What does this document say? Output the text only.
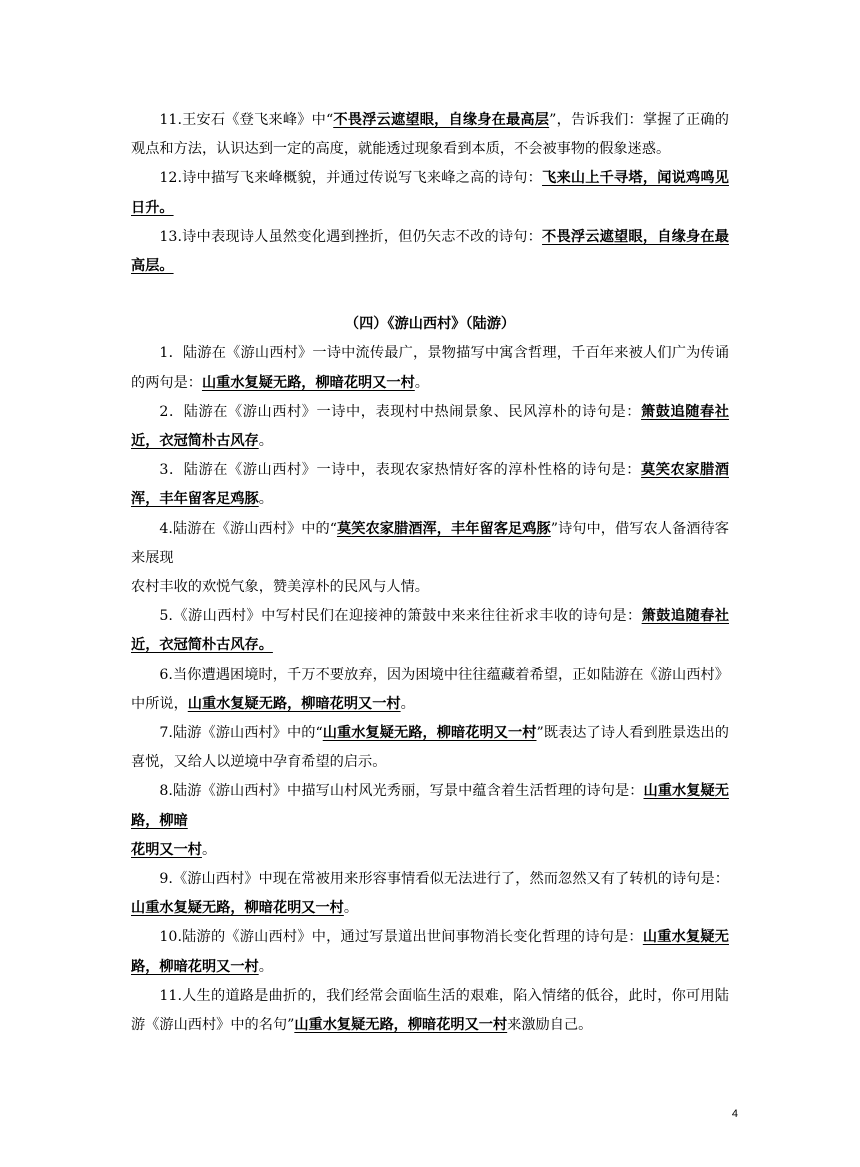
11.王安石《登飞来峰》中“不畏浮云遮望眼，自缘身在最高层”，告诉我们：掌握了正确的观点和方法，认识达到一定的高度，就能透过现象看到本质，不会被事物的假象迷惑。

12.诗中描写飞来峰概貌，并通过传说写飞来峰之高的诗句：飞来山上千寻塔，闻说鸡鸣见日升。

13.诗中表现诗人虽然变化遇到挫折，但仍矢志不改的诗句：不畏浮云遮望眼，自缘身在最高层。

（四）《游山西村》（陆游）

1．陆游在《游山西村》一诗中流传最广，景物描写中寓含哲理，千百年来被人们广为传诵的两句是：山重水复疑无路，柳暗花明又一村。

2．陆游在《游山西村》一诗中，表现村中热闹景象、民风淳朴的诗句是：箫鼓追随春社近，衣冠简朴古风存。

3．陆游在《游山西村》一诗中，表现农家热情好客的淳朴性格的诗句是：莫笑农家腊酒浑，丰年留客足鸡豚。

4.陆游在《游山西村》中的“莫笑农家腊酒浑，丰年留客足鸡豚”诗句中，借写农人备酒待客来展现

农村丰收的欢悦气象，赞美淳朴的民风与人情。

5.《游山西村》中写村民们在迎接神的箫鼓中来来往往祈求丰收的诗句是：箫鼓追随春社近，衣冠简朴古风存。

6.当你遭遇困境时，千万不要放弃，因为困境中往往蕴藏着希望，正如陆游在《游山西村》中所说，山重水复疑无路，柳暗花明又一村。

7.陆游《游山西村》中的“山重水复疑无路，柳暗花明又一村”既表达了诗人看到胜景迭出的喜悦，又给人以逆境中孕育希望的启示。

8.陆游《游山西村》中描写山村风光秀丽，写景中蕴含着生活哲理的诗句是：山重水复疑无路，柳暗

花明又一村。

9.《游山西村》中现在常被用来形容事情看似无法进行了，然而忽然又有了转机的诗句是：山重水复疑无路，柳暗花明又一村。

10.陆游的《游山西村》中，通过写景道出世间事物消长变化哲理的诗句是：山重水复疑无路，柳暗花明又一村。

11.人生的道路是曲折的，我们经常会面临生活的艰难，陷入情绪的低谷，此时，你可用陆游《游山西村》中的名句”山重水复疑无路，柳暗花明又一村来激励自己。

4
